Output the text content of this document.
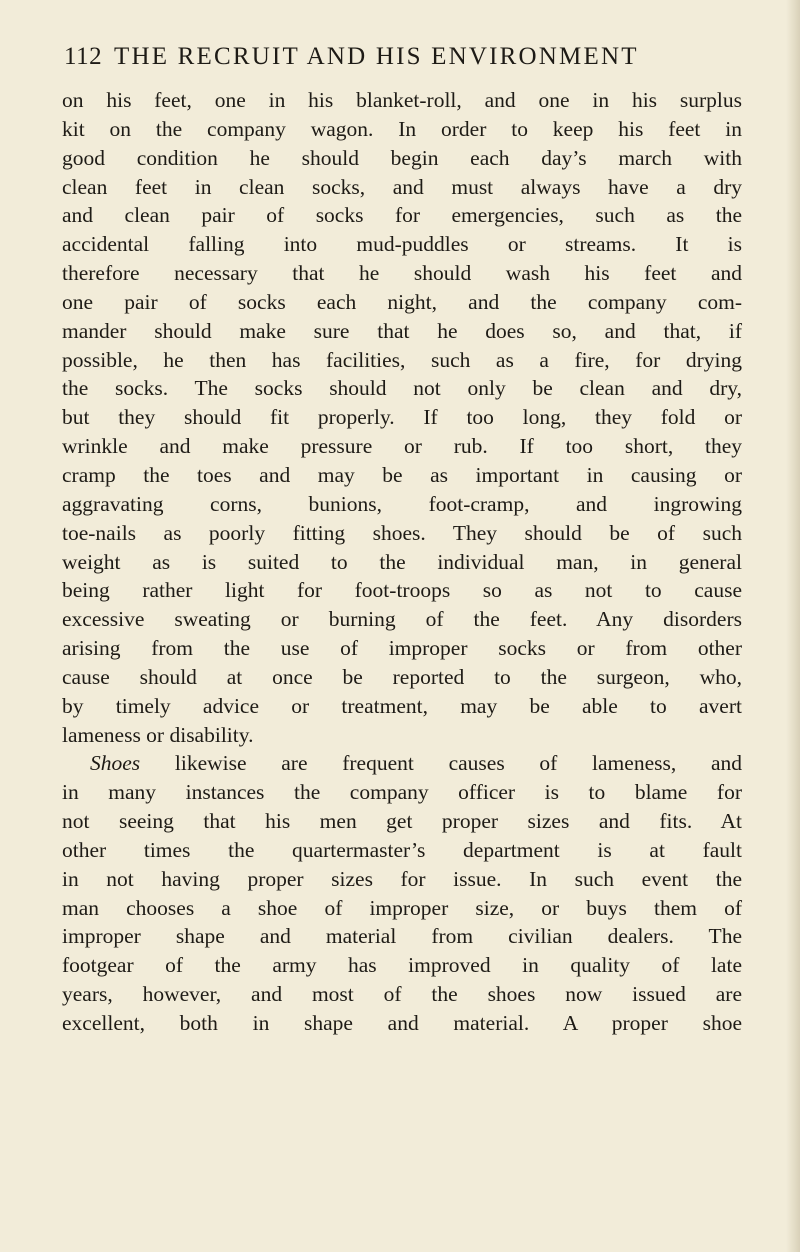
112 THE RECRUIT AND HIS ENVIRONMENT
on his feet, one in his blanket-roll, and one in his surplus
kit on the company wagon. In order to keep his feet in
good condition he should begin each day’s march with
clean feet in clean socks, and must always have a dry
and clean pair of socks for emergencies, such as the
accidental falling into mud-puddles or streams. It is
therefore necessary that he should wash his feet and
one pair of socks each night, and the company com-
mander should make sure that he does so, and that, if
possible, he then has facilities, such as a fire, for drying
the socks. The socks should not only be clean and dry,
but they should fit properly. If too long, they fold or
wrinkle and make pressure or rub. If too short, they
cramp the toes and may be as important in causing or
aggravating corns, bunions, foot-cramp, and ingrowing
toe-nails as poorly fitting shoes. They should be of such
weight as is suited to the individual man, in general
being rather light for foot-troops so as not to cause
excessive sweating or burning of the feet. Any disorders
arising from the use of improper socks or from other
cause should at once be reported to the surgeon, who,
by timely advice or treatment, may be able to avert
lameness or disability.
Shoes likewise are frequent causes of lameness, and
in many instances the company officer is to blame for
not seeing that his men get proper sizes and fits. At
other times the quartermaster’s department is at fault
in not having proper sizes for issue. In such event the
man chooses a shoe of improper size, or buys them of
improper shape and material from civilian dealers. The
footgear of the army has improved in quality of late
years, however, and most of the shoes now issued are
excellent, both in shape and material. A proper shoe
